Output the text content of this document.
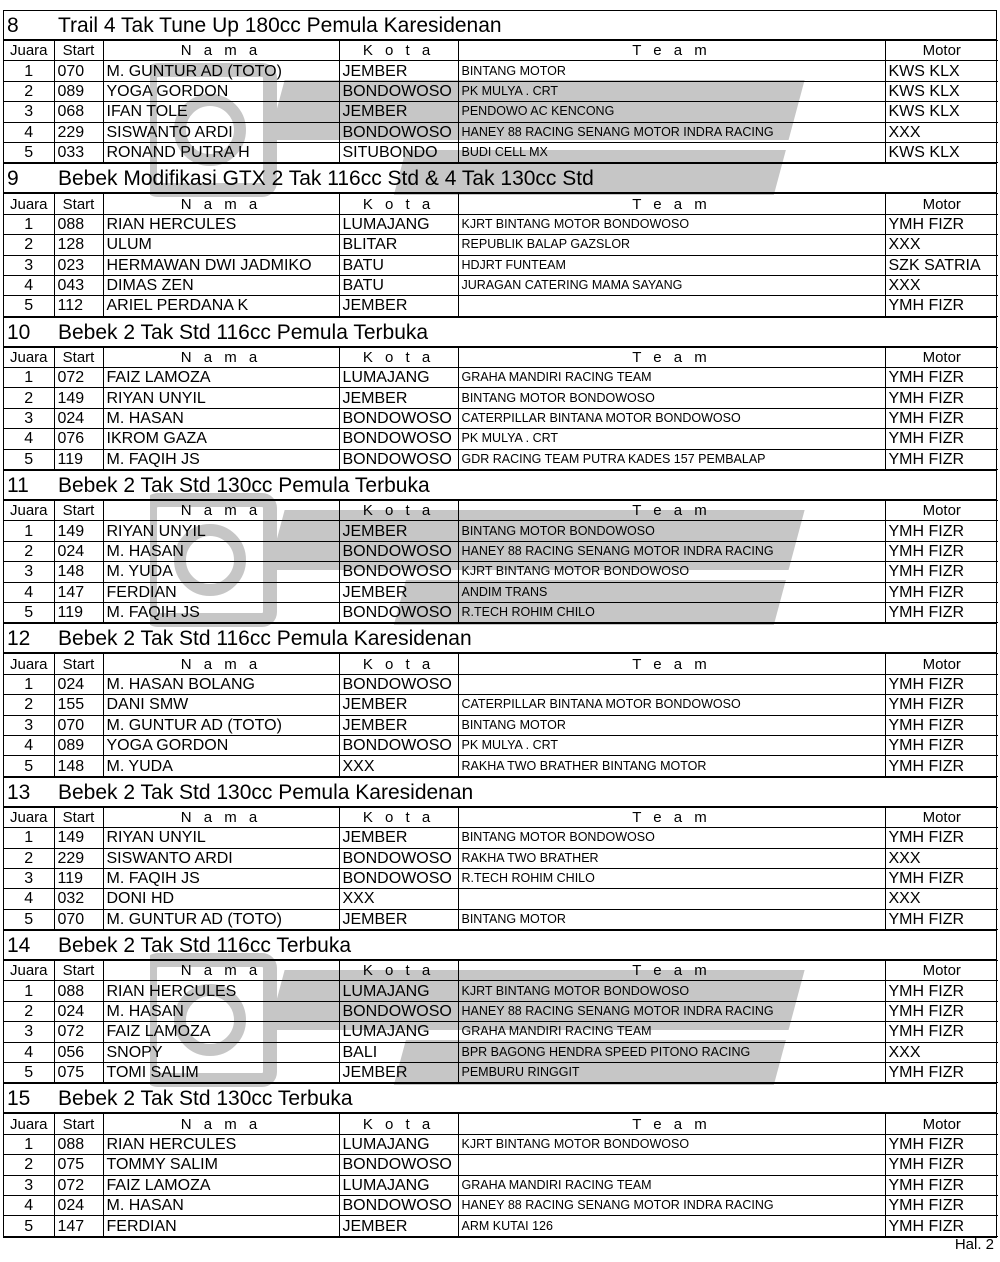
8 Trail 4 Tak Tune Up 180cc Pemula Karesidenan
Juara	Start	N a m a	K o t a	T e a m	Motor
1	070	M. GUNTUR AD (TOTO)	JEMBER	BINTANG MOTOR	KWS KLX
2	089	YOGA GORDON	BONDOWOSO	PK MULYA . CRT	KWS KLX
3	068	IFAN TOLE	JEMBER	PENDOWO AC KENCONG	KWS KLX
4	229	SISWANTO ARDI	BONDOWOSO	HANEY 88 RACING SENANG MOTOR INDRA RACING	XXX
5	033	RONAND PUTRA H	SITUBONDO	BUDI CELL MX	KWS KLX
9 Bebek Modifikasi GTX 2 Tak 116cc Std & 4 Tak 130cc Std
Juara	Start	N a m a	K o t a	T e a m	Motor
1	088	RIAN HERCULES	LUMAJANG	KJRT BINTANG MOTOR BONDOWOSO	YMH FIZR
2	128	ULUM	BLITAR	REPUBLIK BALAP GAZSLOR	XXX
3	023	HERMAWAN DWI JADMIKO	BATU	HDJRT FUNTEAM	SZK SATRIA
4	043	DIMAS ZEN	BATU	JURAGAN CATERING MAMA SAYANG	XXX
5	112	ARIEL PERDANA K	JEMBER		YMH FIZR
10 Bebek 2 Tak Std 116cc Pemula Terbuka
Juara	Start	N a m a	K o t a	T e a m	Motor
1	072	FAIZ LAMOZA	LUMAJANG	GRAHA MANDIRI RACING TEAM	YMH FIZR
2	149	RIYAN UNYIL	JEMBER	BINTANG MOTOR BONDOWOSO	YMH FIZR
3	024	M. HASAN	BONDOWOSO	CATERPILLAR BINTANA MOTOR BONDOWOSO	YMH FIZR
4	076	IKROM GAZA	BONDOWOSO	PK MULYA . CRT	YMH FIZR
5	119	M. FAQIH JS	BONDOWOSO	GDR RACING TEAM PUTRA KADES 157 PEMBALAP	YMH FIZR
11 Bebek 2 Tak Std 130cc Pemula Terbuka
Juara	Start	N a m a	K o t a	T e a m	Motor
1	149	RIYAN UNYIL	JEMBER	BINTANG MOTOR BONDOWOSO	YMH FIZR
2	024	M. HASAN	BONDOWOSO	HANEY 88 RACING SENANG MOTOR INDRA RACING	YMH FIZR
3	148	M. YUDA	BONDOWOSO	KJRT BINTANG MOTOR BONDOWOSO	YMH FIZR
4	147	FERDIAN	JEMBER	ANDIM TRANS	YMH FIZR
5	119	M. FAQIH JS	BONDOWOSO	R.TECH ROHIM CHILO	YMH FIZR
12 Bebek 2 Tak Std 116cc Pemula Karesidenan
Juara	Start	N a m a	K o t a	T e a m	Motor
1	024	M. HASAN BOLANG	BONDOWOSO		YMH FIZR
2	155	DANI SMW	JEMBER	CATERPILLAR BINTANA MOTOR BONDOWOSO	YMH FIZR
3	070	M. GUNTUR AD (TOTO)	JEMBER	BINTANG MOTOR	YMH FIZR
4	089	YOGA GORDON	BONDOWOSO	PK MULYA . CRT	YMH FIZR
5	148	M. YUDA	XXX	RAKHA TWO BRATHER BINTANG MOTOR	YMH FIZR
13 Bebek 2 Tak Std 130cc Pemula Karesidenan
Juara	Start	N a m a	K o t a	T e a m	Motor
1	149	RIYAN UNYIL	JEMBER	BINTANG MOTOR BONDOWOSO	YMH FIZR
2	229	SISWANTO ARDI	BONDOWOSO	RAKHA TWO BRATHER	XXX
3	119	M. FAQIH JS	BONDOWOSO	R.TECH ROHIM CHILO	YMH FIZR
4	032	DONI HD	XXX		XXX
5	070	M. GUNTUR AD (TOTO)	JEMBER	BINTANG MOTOR	YMH FIZR
14 Bebek 2 Tak Std 116cc Terbuka
Juara	Start	N a m a	K o t a	T e a m	Motor
1	088	RIAN HERCULES	LUMAJANG	KJRT BINTANG MOTOR BONDOWOSO	YMH FIZR
2	024	M. HASAN	BONDOWOSO	HANEY 88 RACING SENANG MOTOR INDRA RACING	YMH FIZR
3	072	FAIZ LAMOZA	LUMAJANG	GRAHA MANDIRI RACING TEAM	YMH FIZR
4	056	SNOPY	BALI	BPR BAGONG HENDRA SPEED PITONO RACING	XXX
5	075	TOMI SALIM	JEMBER	PEMBURU RINGGIT	YMH FIZR
15 Bebek 2 Tak Std 130cc Terbuka
Juara	Start	N a m a	K o t a	T e a m	Motor
1	088	RIAN HERCULES	LUMAJANG	KJRT BINTANG MOTOR BONDOWOSO	YMH FIZR
2	075	TOMMY SALIM	BONDOWOSO		YMH FIZR
3	072	FAIZ LAMOZA	LUMAJANG	GRAHA MANDIRI RACING TEAM	YMH FIZR
4	024	M. HASAN	BONDOWOSO	HANEY 88 RACING SENANG MOTOR INDRA RACING	YMH FIZR
5	147	FERDIAN	JEMBER	ARM KUTAI 126	YMH FIZR
Hal. 2
